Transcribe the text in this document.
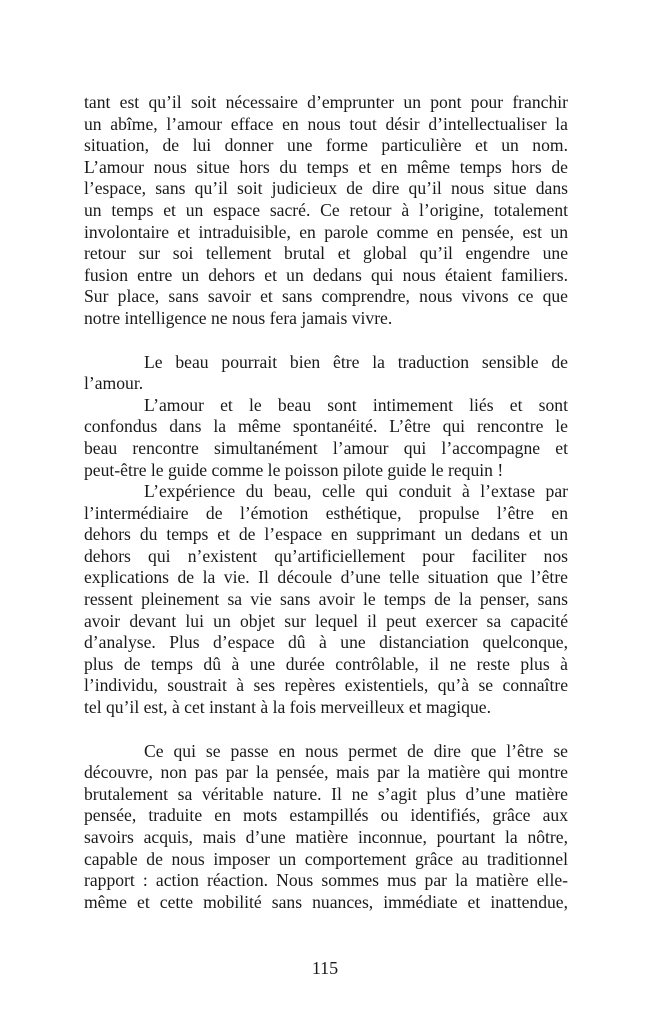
tant est qu’il soit nécessaire d’emprunter un pont pour franchir
un abîme, l’amour efface en nous tout désir d’intellectualiser la
situation, de lui donner une forme particulière et un nom.
L’amour nous situe hors du temps et en même temps hors de
l’espace, sans qu’il soit judicieux de dire qu’il nous situe dans
un temps et un espace sacré. Ce retour à l’origine, totalement
involontaire et intraduisible, en parole comme en pensée, est un
retour sur soi tellement brutal et global qu’il engendre une
fusion entre un dehors et un dedans qui nous étaient familiers.
Sur place, sans savoir et sans comprendre, nous vivons ce que
notre intelligence ne nous fera jamais vivre.
Le beau pourrait bien être la traduction sensible de
l’amour.
L’amour et le beau sont intimement liés et sont
confondus dans la même spontanéité. L’être qui rencontre le
beau rencontre simultanément l’amour qui l’accompagne et
peut-être le guide comme le poisson pilote guide le requin !
L’expérience du beau, celle qui conduit à l’extase par
l’intermédiaire de l’émotion esthétique, propulse l’être en
dehors du temps et de l’espace en supprimant un dedans et un
dehors qui n’existent qu’artificiellement pour faciliter nos
explications de la vie. Il découle d’une telle situation que l’être
ressent pleinement sa vie sans avoir le temps de la penser, sans
avoir devant lui un objet sur lequel il peut exercer sa capacité
d’analyse. Plus d’espace dû à une distanciation quelconque,
plus de temps dû à une durée contrôlable, il ne reste plus à
l’individu, soustrait à ses repères existentiels, qu’à se connaître
tel qu’il est, à cet instant à la fois merveilleux et magique.
Ce qui se passe en nous permet de dire que l’être se
découvre, non pas par la pensée, mais par la matière qui montre
brutalement sa véritable nature. Il ne s’agit plus d’une matière
pensée, traduite en mots estampillés ou identifiés, grâce aux
savoirs acquis, mais d’une matière inconnue, pourtant la nôtre,
capable de nous imposer un comportement grâce au traditionnel
rapport : action réaction. Nous sommes mus par la matière elle-
même et cette mobilité sans nuances, immédiate et inattendue,
115
